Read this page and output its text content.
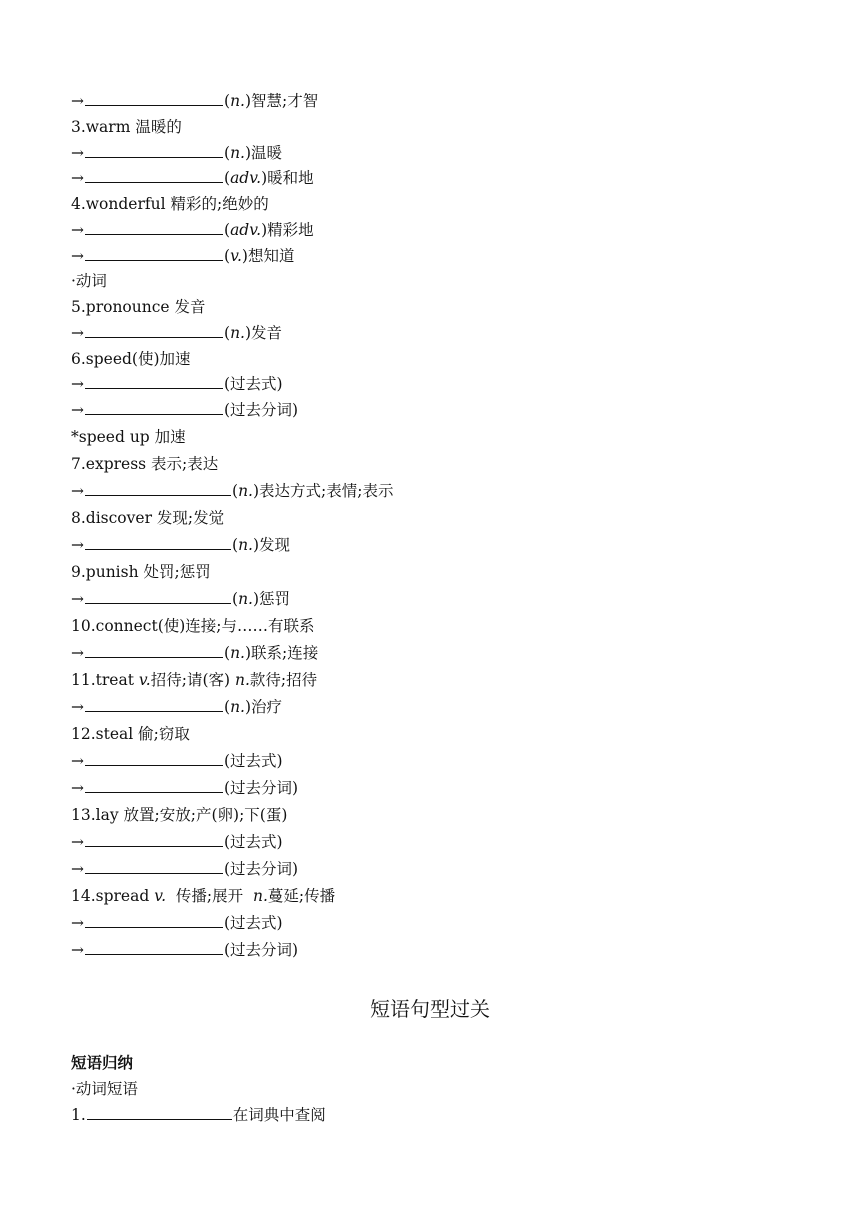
→	(n.)智慧;才智
3.warm 温暖的
→	(n.)温暖
→	(adv.)暖和地
4.wonderful 精彩的;绝妙的
→	(adv.)精彩地
→	(v.)想知道
·动词
5.pronounce 发音
→	(n.)发音
6.speed(使)加速
→	(过去式)
→	(过去分词)
*speed up 加速
7.express 表示;表达
→	(n.)表达方式;表情;表示
8.discover 发现;发觉
→	(n.)发现
9.punish 处罚;惩罚
→	(n.)惩罚
10.connect(使)连接;与……有联系
→	(n.)联系;连接
11.treat v.招待;请(客) n.款待;招待
→	(n.)治疗
12.steal 偷;窃取
→	(过去式)
→	(过去分词)
13.lay 放置;安放;产(卵);下(蛋)
→	(过去式)
→	(过去分词)
14.spread v.  传播;展开  n.蔓延;传播
→	(过去式)
→	(过去分词)
短语句型过关
短语归纳
·动词短语
1.	在词典中查阅
